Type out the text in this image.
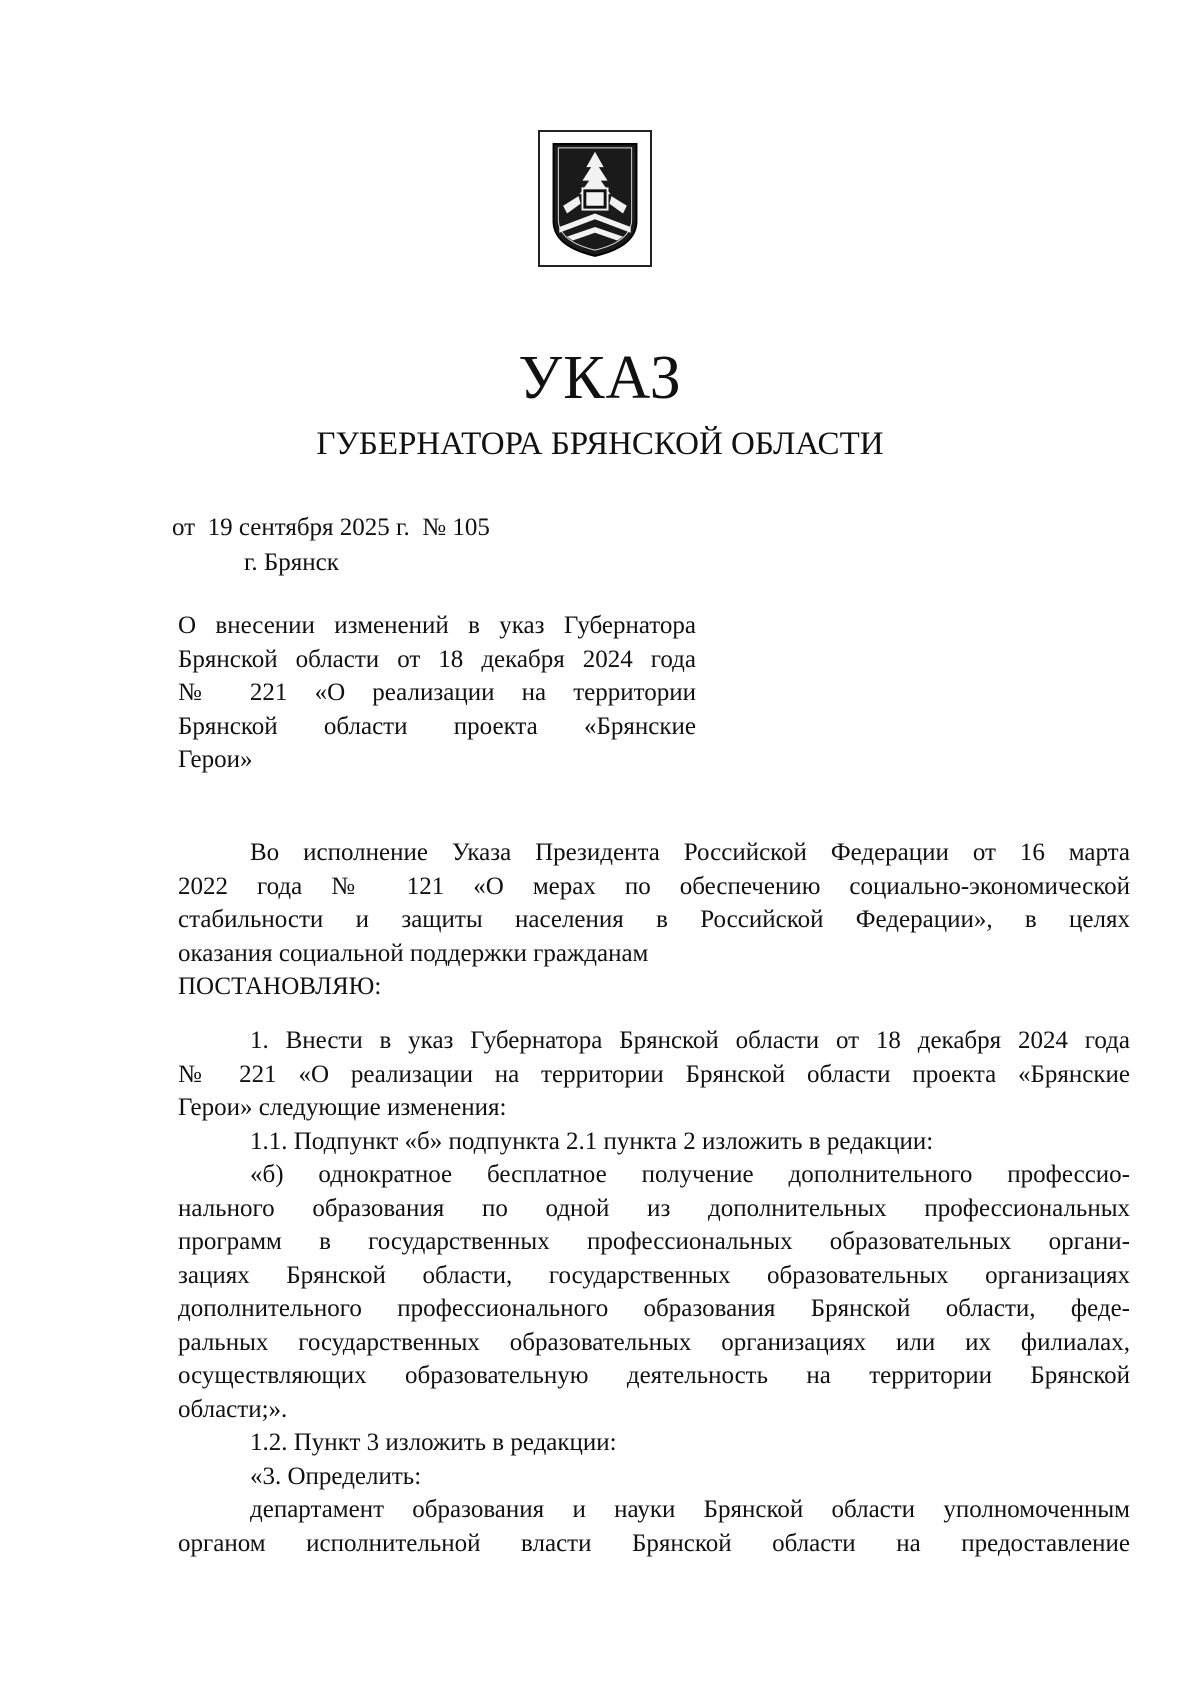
УКАЗ
ГУБЕРНАТОРА БРЯНСКОЙ ОБЛАСТИ
от 19 сентября 2025 г. № 105
г. Брянск
О внесении изменений в указ Губернатора
Брянской области от 18 декабря 2024 года
№ 221 «О реализации на территории
Брянской области проекта «Брянские
Герои»
Во исполнение Указа Президента Российской Федерации от 16 марта
2022 года № 121 «О мерах по обеспечению социально-экономической
стабильности и защиты населения в Российской Федерации», в целях
оказания социальной поддержки гражданам
ПОСТАНОВЛЯЮ:
1. Внести в указ Губернатора Брянской области от 18 декабря 2024 года
№ 221 «О реализации на территории Брянской области проекта «Брянские
Герои» следующие изменения:
1.1. Подпункт «б» подпункта 2.1 пункта 2 изложить в редакции:
«б) однократное бесплатное получение дополнительного профессио-
нального образования по одной из дополнительных профессиональных
программ в государственных профессиональных образовательных органи-
зациях Брянской области, государственных образовательных организациях
дополнительного профессионального образования Брянской области, феде-
ральных государственных образовательных организациях или их филиалах,
осуществляющих образовательную деятельность на территории Брянской
области;».
1.2. Пункт 3 изложить в редакции:
«3. Определить:
департамент образования и науки Брянской области уполномоченным
органом исполнительной власти Брянской области на предоставление
